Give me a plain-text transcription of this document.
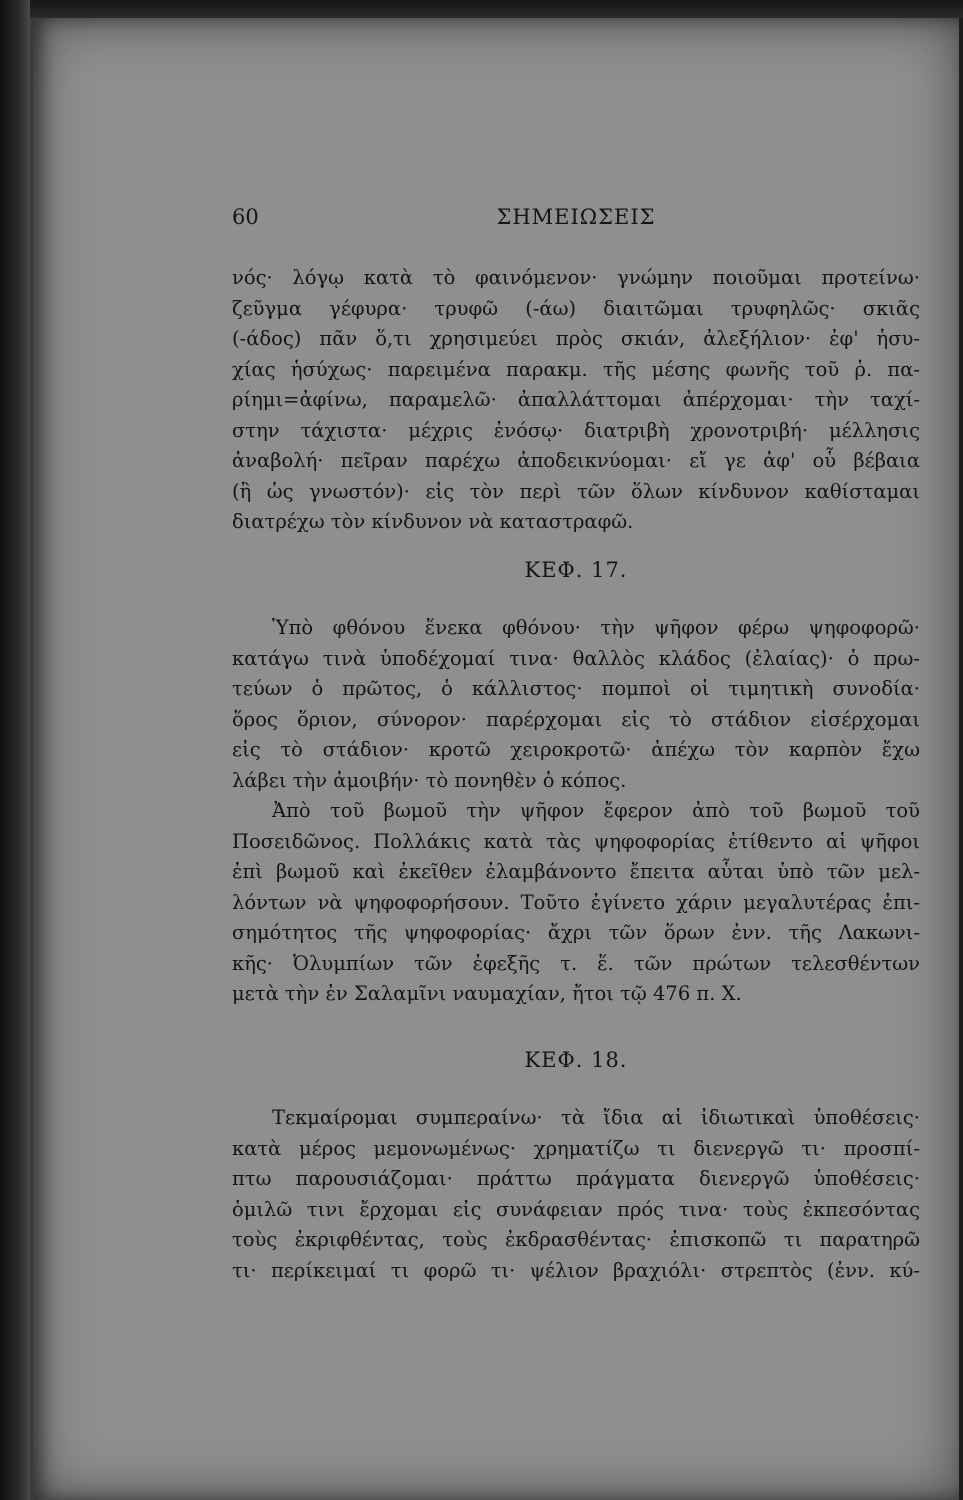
60	ΣΗΜΕΙΩΣΕΙΣ
νός· λόγῳ κατὰ τὸ φαινόμενον· γνώμην ποιοῦμαι προτείνω·
ζεῦγμα γέφυρα· τρυφῶ (-άω) διαιτῶμαι τρυφηλῶς· σκιᾶς
(-άδος) πᾶν ὅ,τι χρησιμεύει πρὸς σκιάν, ἀλεξήλιον· ἐφ' ἡσυ-
χίας ἡσύχως· παρειμένα παρακμ. τῆς μέσης φωνῆς τοῦ ῥ. πα-
ρίημι=ἀφίνω, παραμελῶ· ἀπαλλάττομαι ἀπέρχομαι· τὴν ταχί-
στην τάχιστα· μέχρις ἐνόσῳ· διατριβὴ χρονοτριβή· μέλλησις
ἀναβολή· πεῖραν παρέχω ἀποδεικνύομαι· εἴ γε ἀφ' οὗ βέβαια
(ἢ ὡς γνωστόν)· εἰς τὸν περὶ τῶν ὅλων κίνδυνον καθίσταμαι
διατρέχω τὸν κίνδυνον νὰ καταστραφῶ.
ΚΕΦ. 17.
Ὑπὸ φθόνου ἕνεκα φθόνου· τὴν ψῆφον φέρω ψηφοφορῶ·
κατάγω τινὰ ὑποδέχομαί τινα· θαλλὸς κλάδος (ἐλαίας)· ὁ πρω-
τεύων ὁ πρῶτος, ὁ κάλλιστος· πομποὶ οἱ τιμητικὴ συνοδία·
ὅρος ὅριον, σύνορον· παρέρχομαι εἰς τὸ στάδιον εἰσέρχομαι
εἰς τὸ στάδιον· κροτῶ χειροκροτῶ· ἀπέχω τὸν καρπὸν ἔχω
λάβει τὴν ἀμοιβήν· τὸ πονηθὲν ὁ κόπος.
Ἀπὸ τοῦ βωμοῦ τὴν ψῆφον ἔφερον ἀπὸ τοῦ βωμοῦ τοῦ
Ποσειδῶνος. Πολλάκις κατὰ τὰς ψηφοφορίας ἐτίθεντο αἱ ψῆφοι
ἐπὶ βωμοῦ καὶ ἐκεῖθεν ἐλαμβάνοντο ἔπειτα αὗται ὑπὸ τῶν μελ-
λόντων νὰ ψηφοφορήσουν. Τοῦτο ἐγίνετο χάριν μεγαλυτέρας ἐπι-
σημότητος τῆς ψηφοφορίας· ἄχρι τῶν ὅρων ἐνν. τῆς Λακωνι-
κῆς· Ὀλυμπίων τῶν ἐφεξῆς τ. ἕ. τῶν πρώτων τελεσθέντων
μετὰ τὴν ἐν Σαλαμῖνι ναυμαχίαν, ἤτοι τῷ 476 π. Χ.
ΚΕΦ. 18.
Τεκμαίρομαι συμπεραίνω· τὰ ἴδια αἱ ἰδιωτικαὶ ὑποθέσεις·
κατὰ μέρος μεμονωμένως· χρηματίζω τι διενεργῶ τι· προσπί-
πτω παρουσιάζομαι· πράττω πράγματα διενεργῶ ὑποθέσεις·
ὁμιλῶ τινι ἔρχομαι εἰς συνάφειαν πρός τινα· τοὺς ἐκπεσόντας
τοὺς ἐκριφθέντας, τοὺς ἐκδρασθέντας· ἐπισκοπῶ τι παρατηρῶ
τι· περίκειμαί τι φορῶ τι· ψέλιον βραχιόλι· στρεπτὸς (ἐνν. κύ-
